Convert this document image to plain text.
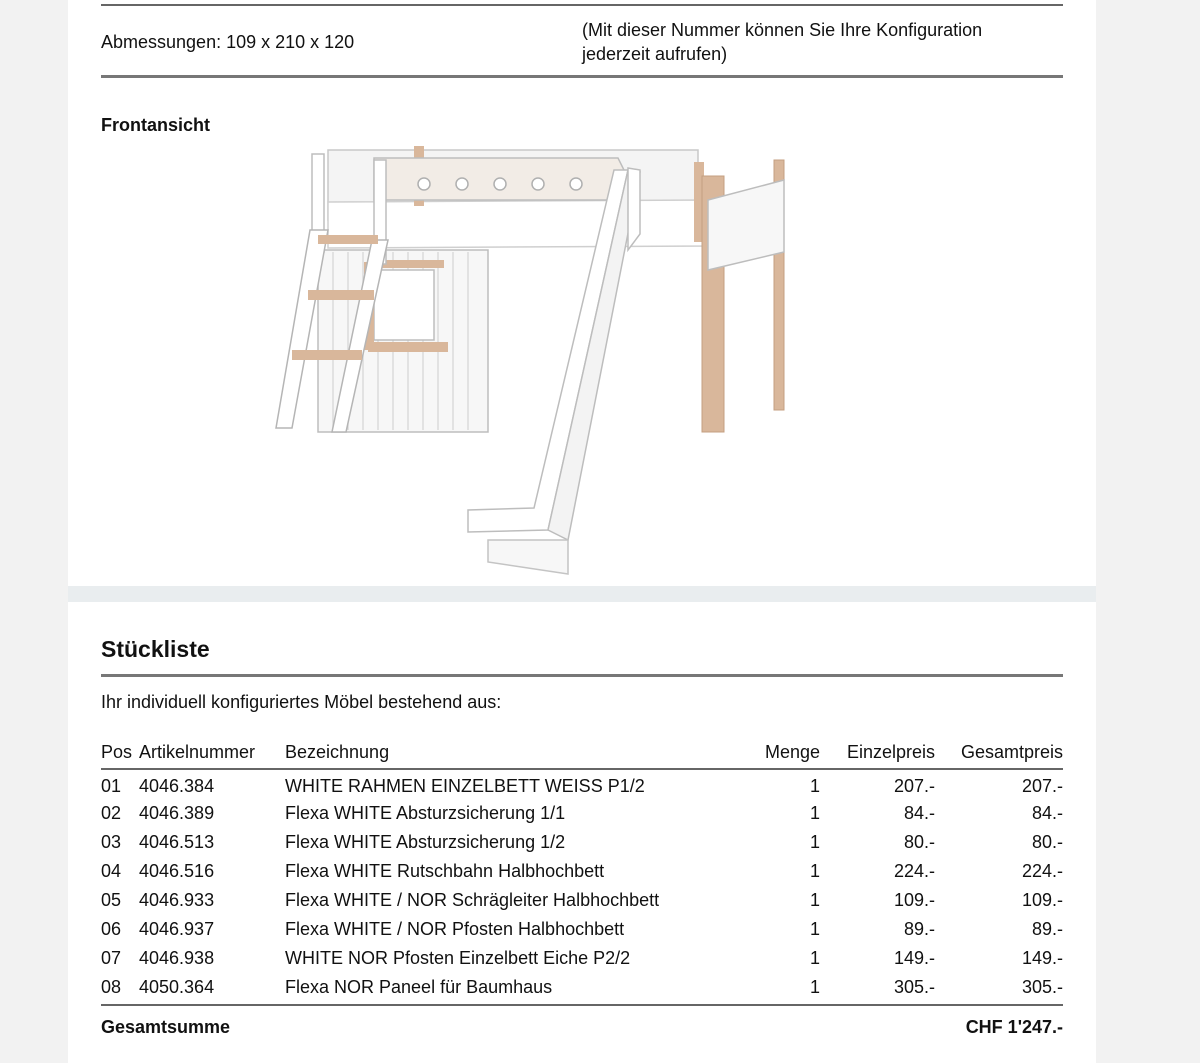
Abmessungen: 109 x 210 x 120
(Mit dieser Nummer können Sie Ihre Konfiguration jederzeit aufrufen)
Frontansicht
Stückliste
Ihr individuell konfiguriertes Möbel bestehend aus:
Pos	Artikelnummer	Bezeichnung	Menge	Einzelpreis	Gesamtpreis
01	4046.384	WHITE RAHMEN EINZELBETT WEISS P1/2	1	207.-	207.-
02	4046.389	Flexa WHITE Absturzsicherung 1/1	1	84.-	84.-
03	4046.513	Flexa WHITE Absturzsicherung 1/2	1	80.-	80.-
04	4046.516	Flexa WHITE Rutschbahn Halbhochbett	1	224.-	224.-
05	4046.933	Flexa WHITE / NOR Schrägleiter Halbhochbett	1	109.-	109.-
06	4046.937	Flexa WHITE / NOR Pfosten Halbhochbett	1	89.-	89.-
07	4046.938	WHITE NOR Pfosten Einzelbett Eiche P2/2	1	149.-	149.-
08	4050.364	Flexa NOR Paneel für Baumhaus	1	305.-	305.-
Gesamtsumme	CHF 1'247.-
